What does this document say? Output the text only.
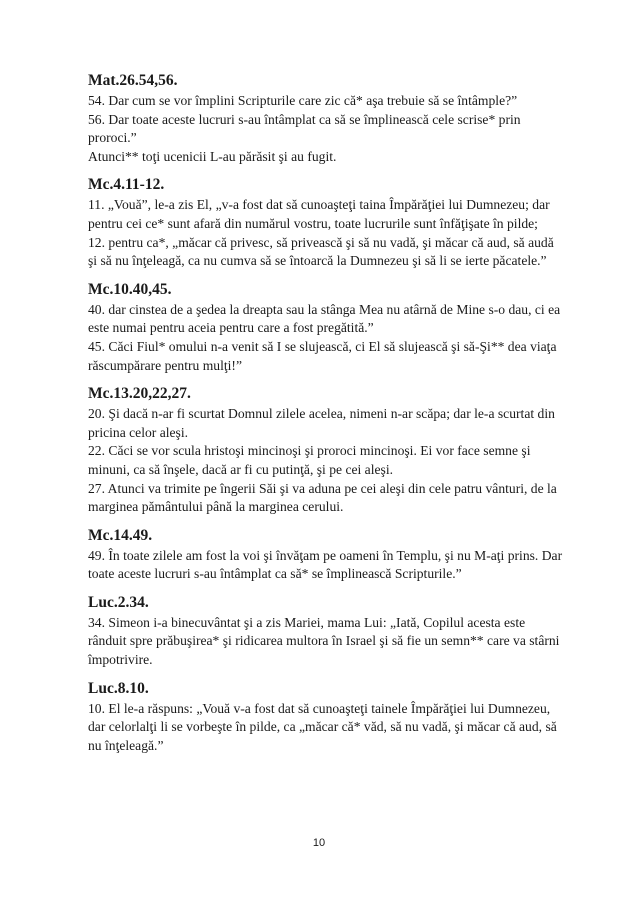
Mat.26.54,56.

54. Dar cum se vor împlini Scripturile care zic că* aşa trebuie să se întâmple?”

56. Dar toate aceste lucruri s-au întâmplat ca să se împlinească cele scrise* prin proroci.”

Atunci** toţi ucenicii L-au părăsit şi au fugit.

Mc.4.11-12.

11. „Vouă”, le-a zis El, „v-a fost dat să cunoaşteţi taina Împărăţiei lui Dumnezeu; dar pentru cei ce* sunt afară din numărul vostru, toate lucrurile sunt înfăţişate în pilde;

12. pentru ca*, „măcar că privesc, să privească şi să nu vadă, şi măcar că aud, să audă şi să nu înţeleagă, ca nu cumva să se întoarcă la Dumnezeu şi să li se ierte păcatele.”

Mc.10.40,45.

40. dar cinstea de a şedea la dreapta sau la stânga Mea nu atârnă de Mine s-o dau, ci ea este numai pentru aceia pentru care a fost pregătită.”

45. Căci Fiul* omului n-a venit să I se slujească, ci El să slujească şi să-Şi** dea viaţa răscumpărare pentru mulţi!”

Mc.13.20,22,27.

20. Şi dacă n-ar fi scurtat Domnul zilele acelea, nimeni n-ar scăpa; dar le-a scurtat din pricina celor aleşi.

22. Căci se vor scula hristoşi mincinoşi şi proroci mincinoşi. Ei vor face semne şi minuni, ca să înşele, dacă ar fi cu putinţă, şi pe cei aleşi.

27. Atunci va trimite pe îngerii Săi şi va aduna pe cei aleşi din cele patru vânturi, de la marginea pământului până la marginea cerului.

Mc.14.49.

49. În toate zilele am fost la voi şi învăţam pe oameni în Templu, şi nu M-aţi prins. Dar toate aceste lucruri s-au întâmplat ca să* se împlinească Scripturile.”

Luc.2.34.

34. Simeon i-a binecuvântat şi a zis Mariei, mama Lui: „Iată, Copilul acesta este rânduit spre prăbuşirea* şi ridicarea multora în Israel şi să fie un semn** care va stârni împotrivire.

Luc.8.10.

10. El le-a răspuns: „Vouă v-a fost dat să cunoaşteţi tainele Împărăţiei lui Dumnezeu, dar celorlalţi li se vorbeşte în pilde, ca „măcar că* văd, să nu vadă, şi măcar că aud, să nu înţeleagă.”

10
